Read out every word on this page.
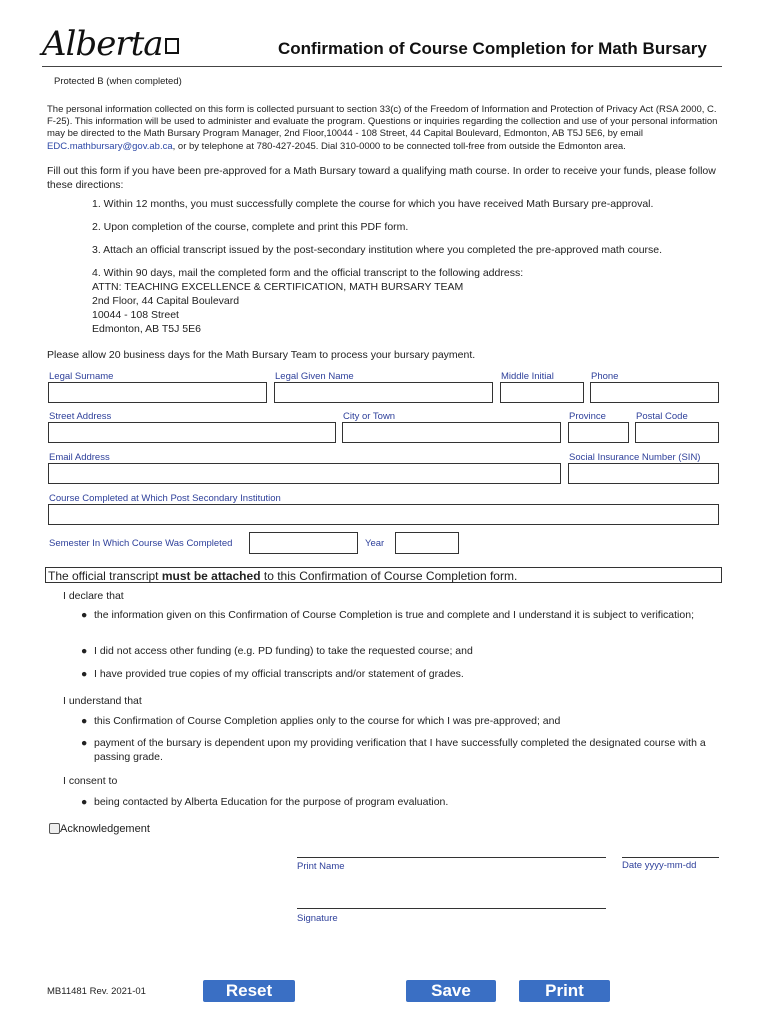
Alberta	Confirmation of Course Completion for Math Bursary
Protected B (when completed)
The personal information collected on this form is collected pursuant to section 33(c) of the Freedom of Information and Protection of Privacy Act (RSA 2000, C. F-25). This information will be used to administer and evaluate the program. Questions or inquiries regarding the collection and use of your personal information may be directed to the Math Bursary Program Manager, 2nd Floor,10044 - 108 Street, 44 Capital Boulevard, Edmonton, AB T5J 5E6, by email EDC.mathbursary@gov.ab.ca, or by telephone at 780-427-2045. Dial 310-0000 to be connected toll-free from outside the Edmonton area.
Fill out this form if you have been pre-approved for a Math Bursary toward a qualifying math course. In order to receive your funds, please follow these directions:
1. Within 12 months, you must successfully complete the course for which you have received Math Bursary pre-approval.
2. Upon completion of the course, complete and print this PDF form.
3. Attach an official transcript issued by the post-secondary institution where you completed the pre-approved math course.
4. Within 90 days, mail the completed form and the official transcript to the following address:
ATTN: TEACHING EXCELLENCE & CERTIFICATION, MATH BURSARY TEAM
2nd Floor, 44 Capital Boulevard
10044 - 108 Street
Edmonton, AB T5J 5E6
Please allow 20 business days for the Math Bursary Team to process your bursary payment.
Legal Surname	Legal Given Name	Middle Initial	Phone
Street Address	City or Town	Province	Postal Code
Email Address	Social Insurance Number (SIN)
Course Completed at Which Post Secondary Institution
Semester In Which Course Was Completed	Year
The official transcript must be attached to this Confirmation of Course Completion form.
I declare that
● the information given on this Confirmation of Course Completion is true and complete and I understand it is subject to verification;
● I did not access other funding (e.g. PD funding) to take the requested course; and
● I have provided true copies of my official transcripts and/or statement of grades.
I understand that
● this Confirmation of Course Completion applies only to the course for which I was pre-approved; and
● payment of the bursary is dependent upon my providing verification that I have successfully completed the designated course with a passing grade.
I consent to
● being contacted by Alberta Education for the purpose of program evaluation.
Acknowledgement
Print Name	Date yyyy-mm-dd
Signature
MB11481 Rev. 2021-01	Reset	Save	Print
